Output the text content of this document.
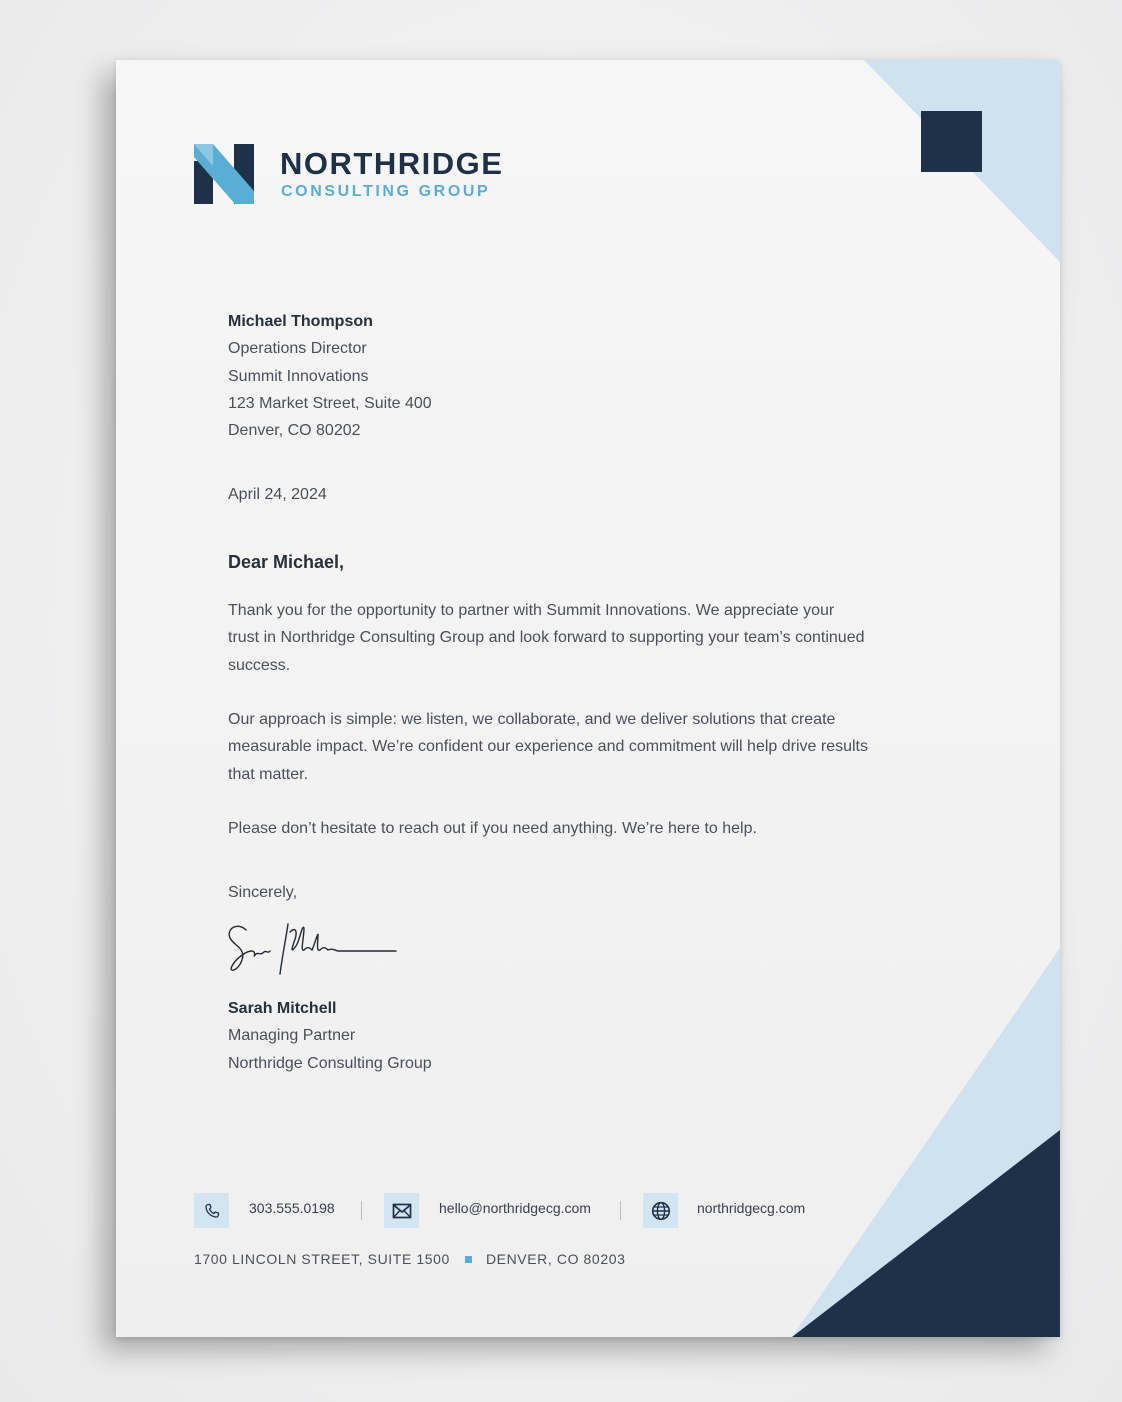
NORTHRIDGE
CONSULTING GROUP
Michael Thompson
Operations Director
Summit Innovations
123 Market Street, Suite 400
Denver, CO 80202
April 24, 2024
Dear Michael,
Thank you for the opportunity to partner with Summit Innovations. We appreciate your trust in Northridge Consulting Group and look forward to supporting your team’s continued success.
Our approach is simple: we listen, we collaborate, and we deliver solutions that create measurable impact. We’re confident our experience and commitment will help drive results that matter.
Please don’t hesitate to reach out if you need anything. We’re here to help.
Sincerely,
Sarah Mitchell
Managing Partner
Northridge Consulting Group
303.555.0198	hello@northridgecg.com	northridgecg.com
1700 LINCOLN STREET, SUITE 1500	DENVER, CO 80203
